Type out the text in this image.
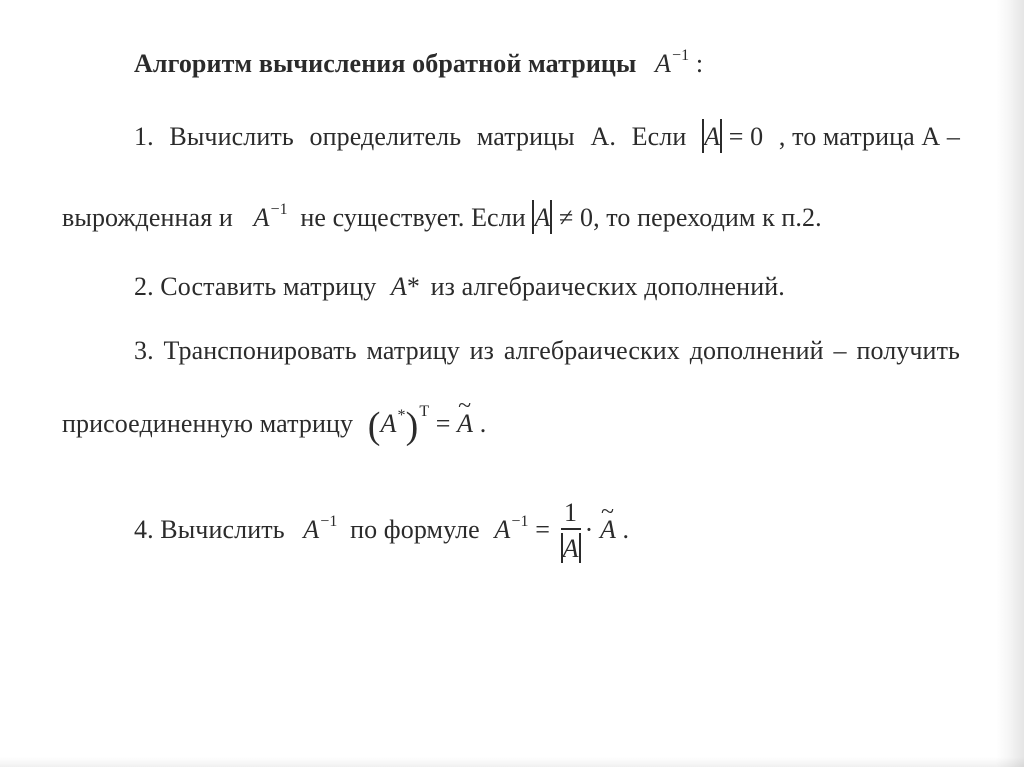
Алгоритм вычисления обратной матрицы $A^{-1}$ :
1. Вычислить определитель матрицы А. Если A = 0 , то матрица А –
вырожденная и $A^{-1}$ не существует. Если A ≠ 0, то переходим к п.2.
2. Составить матрицу A* из алгебраических дополнений.
3. Транспонировать матрицу из алгебраических дополнений – получить
присоединенную матрицу $(A^*)^T$ = ~ A .
4. Вычислить $A^{-1}$ по формуле $A^{-1} = \frac{1}{A}$ · ~ A .
